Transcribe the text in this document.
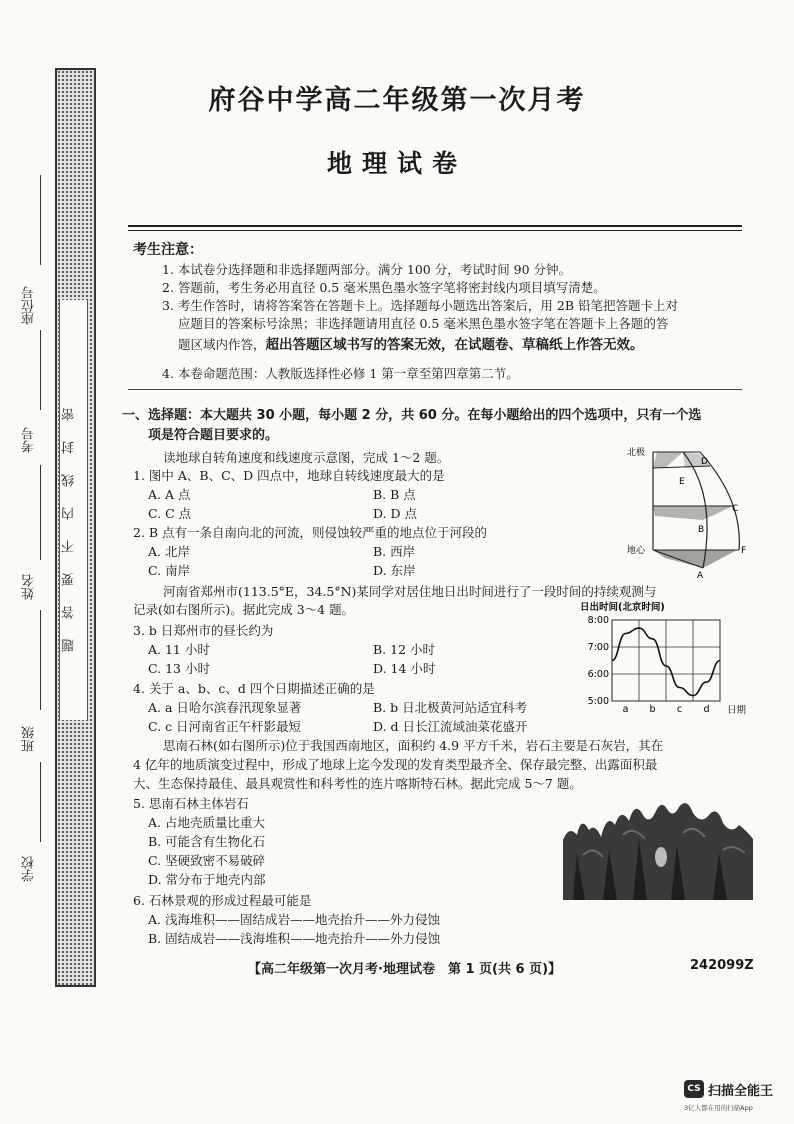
题答要不内线封密
座位号
考号
姓名
班级
学校
府谷中学高二年级第一次月考
地理试卷
考生注意：
1. 本试卷分选择题和非选择题两部分。满分 100 分，考试时间 90 分钟。
2. 答题前，考生务必用直径 0.5 毫米黑色墨水签字笔将密封线内项目填写清楚。
3. 考生作答时，请将答案答在答题卡上。选择题每小题选出答案后，用 2B 铅笔把答题卡上对
应题目的答案标号涂黑；非选择题请用直径 0.5 毫米黑色墨水签字笔在答题卡上各题的答
题区域内作答，超出答题区域书写的答案无效，在试题卷、草稿纸上作答无效。
4. 本卷命题范围：人教版选择性必修 1 第一章至第四章第二节。
一、选择题：本大题共 30 小题，每小题 2 分，共 60 分。在每小题给出的四个选项中，只有一个选
项是符合题目要求的。
读地球自转角速度和线速度示意图，完成 1～2 题。
1. 图中 A、B、C、D 四点中，地球自转线速度最大的是
A. A 点	B. B 点
C. C 点	D. D 点
2. B 点有一条自南向北的河流，则侵蚀较严重的地点位于河段的
A. 北岸	B. 西岸
C. 南岸	D. 东岸
北极
地心
D
E
C
B
F
A
河南省郑州市(113.5°E，34.5°N)某同学对居住地日出时间进行了一段时间的持续观测与
记录(如右图所示)。据此完成 3～4 题。
3. b 日郑州市的昼长约为
A. 11 小时	B. 12 小时
C. 13 小时	D. 14 小时
4. 关于 a、b、c、d 四个日期描述正确的是
A. a 日哈尔滨春汛现象显著	B. b 日北极黄河站适宜科考
C. c 日河南省正午杆影最短	D. d 日长江流域油菜花盛开
日出时间(北京时间)
日期
5:00
6:00
7:00
8:00
a b c d
思南石林(如右图所示)位于我国西南地区，面积约 4.9 平方千米，岩石主要是石灰岩，其在
4 亿年的地质演变过程中，形成了地球上迄今发现的发育类型最齐全、保存最完整、出露面积最
大、生态保持最佳、最具观赏性和科考性的连片喀斯特石林。据此完成 5～7 题。
5. 思南石林主体岩石
A. 占地壳质量比重大
B. 可能含有生物化石
C. 坚硬致密不易破碎
D. 常分布于地壳内部
6. 石林景观的形成过程最可能是
A. 浅海堆积——固结成岩——地壳抬升——外力侵蚀
B. 固结成岩——浅海堆积——地壳抬升——外力侵蚀
【高二年级第一次月考·地理试卷　第 1 页(共 6 页)】	242099Z
CS 扫描全能王
3亿人都在用的扫描App
